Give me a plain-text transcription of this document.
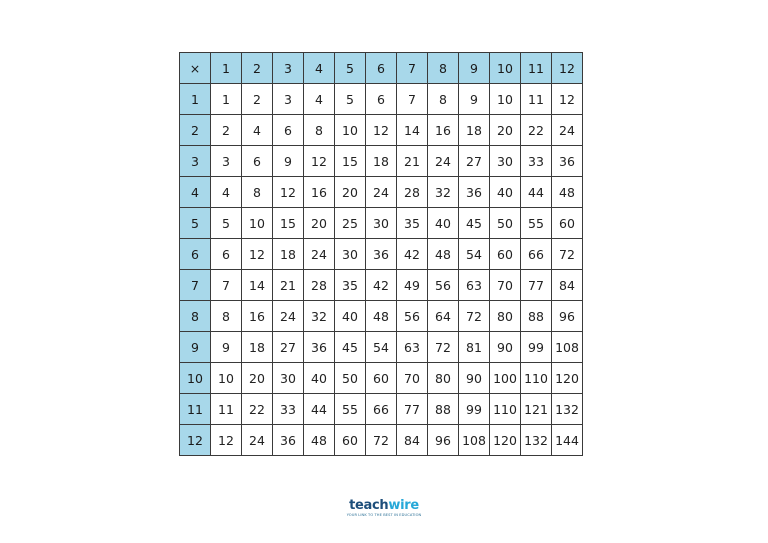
×	1	2	3	4	5	6	7	8	9	10	11	12
1	1	2	3	4	5	6	7	8	9	10	11	12
2	2	4	6	8	10	12	14	16	18	20	22	24
3	3	6	9	12	15	18	21	24	27	30	33	36
4	4	8	12	16	20	24	28	32	36	40	44	48
5	5	10	15	20	25	30	35	40	45	50	55	60
6	6	12	18	24	30	36	42	48	54	60	66	72
7	7	14	21	28	35	42	49	56	63	70	77	84
8	8	16	24	32	40	48	56	64	72	80	88	96
9	9	18	27	36	45	54	63	72	81	90	99	108
10	10	20	30	40	50	60	70	80	90	100	110	120
11	11	22	33	44	55	66	77	88	99	110	121	132
12	12	24	36	48	60	72	84	96	108	120	132	144
teachwire
YOUR LINK TO THE BEST IN EDUCATION
